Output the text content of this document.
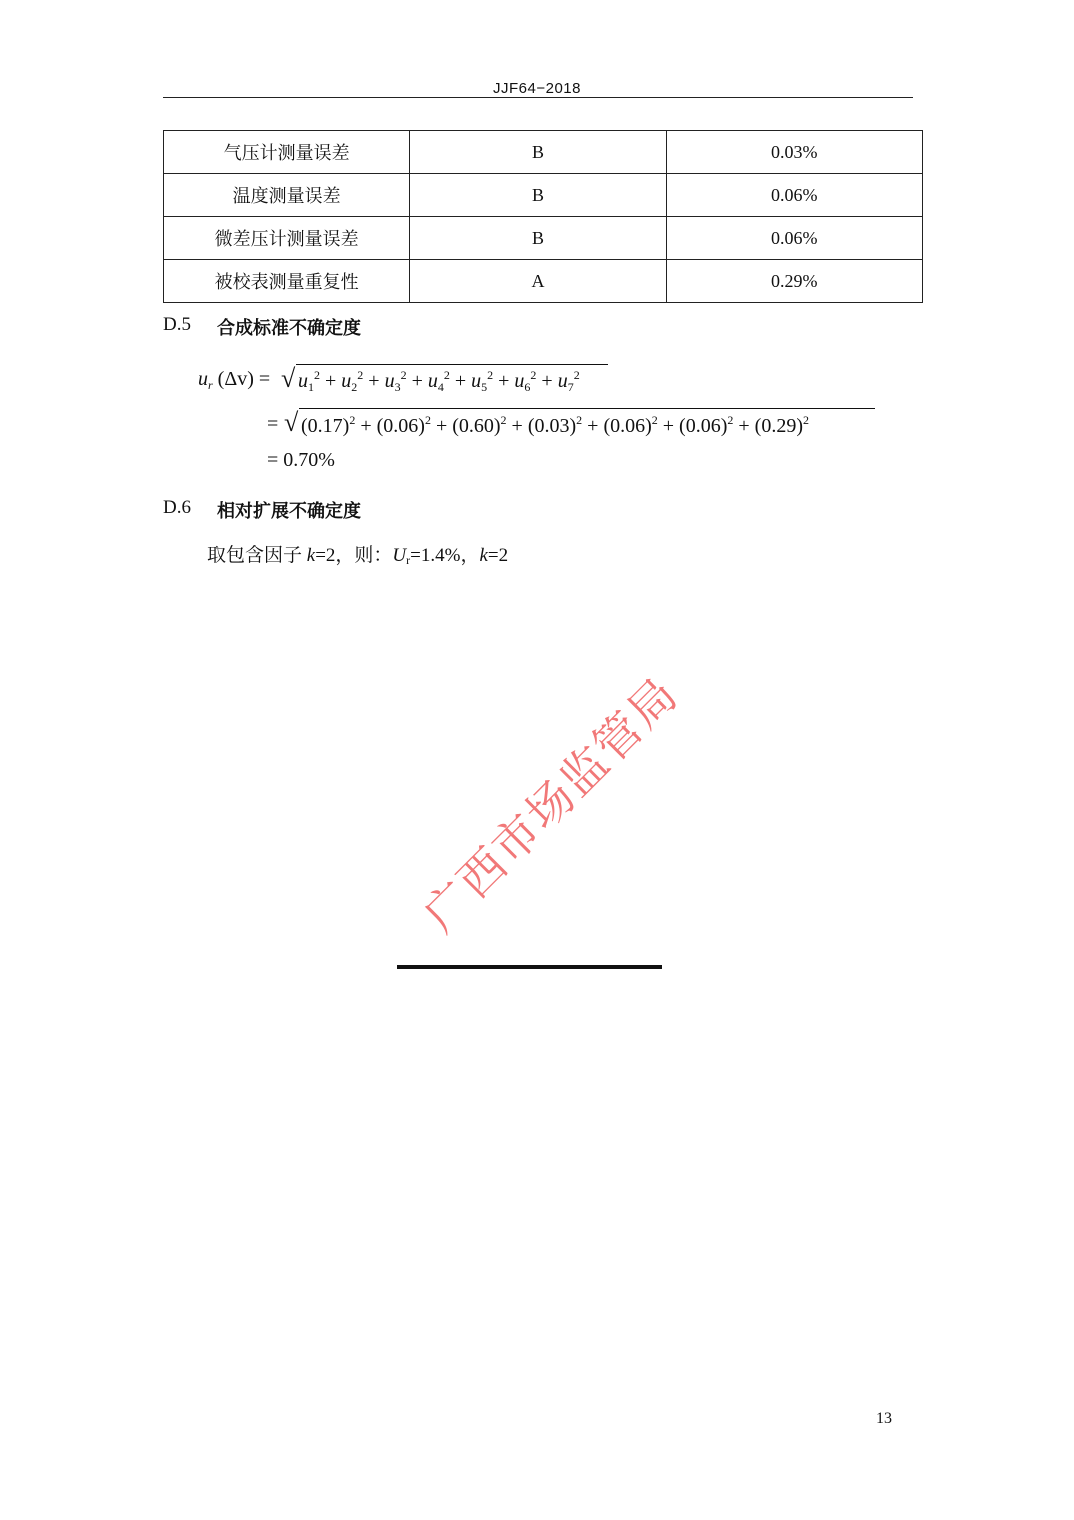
JJF64−2018
气压计测量误差	B	0.03%
温度测量误差	B	0.06%
微差压计测量误差	B	0.06%
被校表测量重复性	A	0.29%
D.5	合成标准不确定度
$u_r$ (Δv) = √ $u_1^2 + u_2^2 + u_3^2 + u_4^2 + u_5^2 + u_6^2 + u_7^2$
= √ $(0.17)^2 + (0.06)^2 + (0.60)^2 + (0.03)^2 + (0.06)^2 + (0.06)^2 + (0.29)^2$
= 0.70%
D.6	相对扩展不确定度
取包含因子 k=2，则：$U_r=1.4\%$，k=2
广西市场监管局
13
